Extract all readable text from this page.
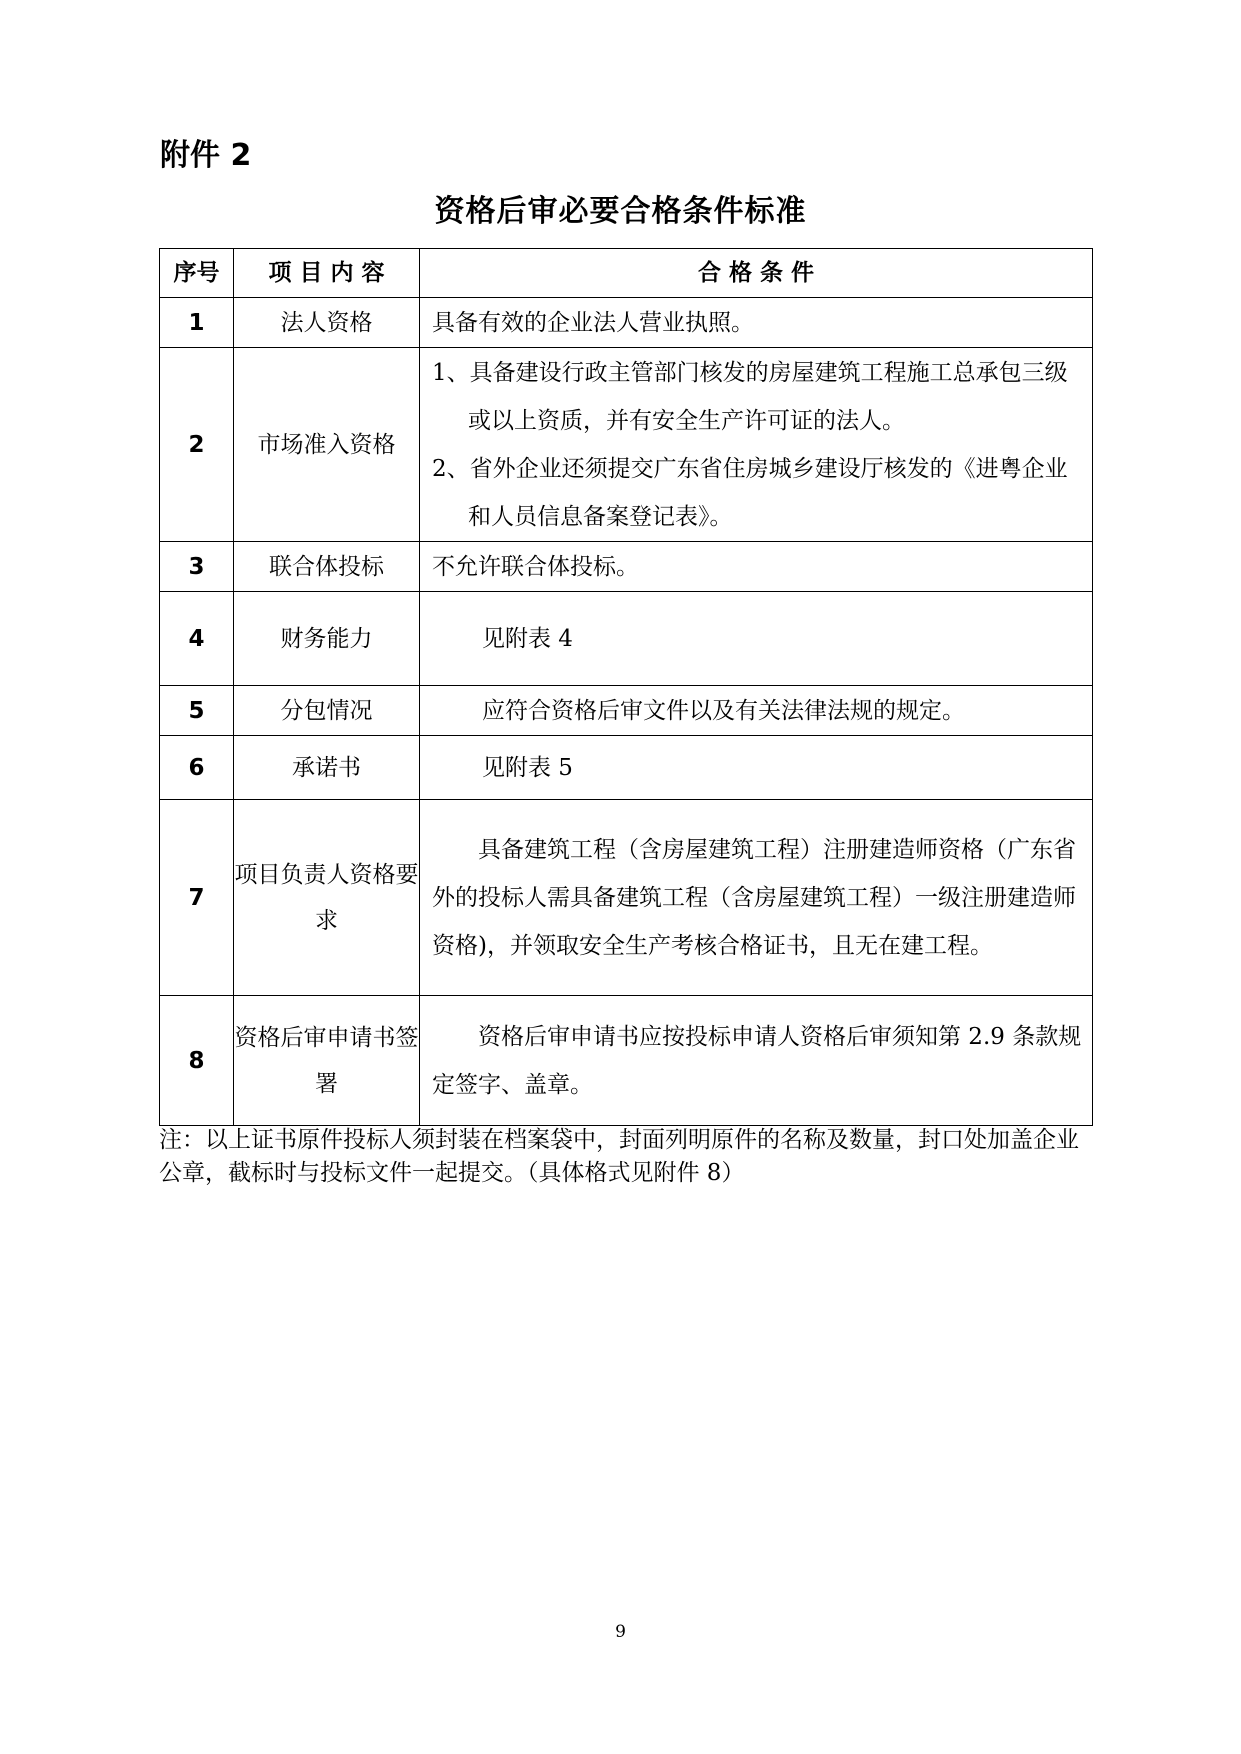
附件 2
资格后审必要合格条件标准
序号	项 目 内 容	合 格 条 件
1	法人资格	具备有效的企业法人营业执照。

2	市场准入资格	1、具备建设行政主管部门核发的房屋建筑工程施工总承包三级或以上资质，并有安全生产许可证的法人。
2、省外企业还须提交广东省住房城乡建设厅核发的《进粤企业和人员信息备案登记表》。

3	联合体投标	不允许联合体投标。

4	财务能力	见附表 4

5	分包情况	应符合资格后审文件以及有关法律法规的规定。

6	承诺书	见附表 5

7	项目负责人资格要求	具备建筑工程（含房屋建筑工程）注册建造师资格（广东省外的投标人需具备建筑工程（含房屋建筑工程）一级注册建造师资格)，并领取安全生产考核合格证书，且无在建工程。

8	资格后审申请书签署	资格后审申请书应按投标申请人资格后审须知第 2.9 条款规定签字、盖章。

注：以上证书原件投标人须封装在档案袋中，封面列明原件的名称及数量，封口处加盖企业公章，截标时与投标文件一起提交。（具体格式见附件 8）

9
